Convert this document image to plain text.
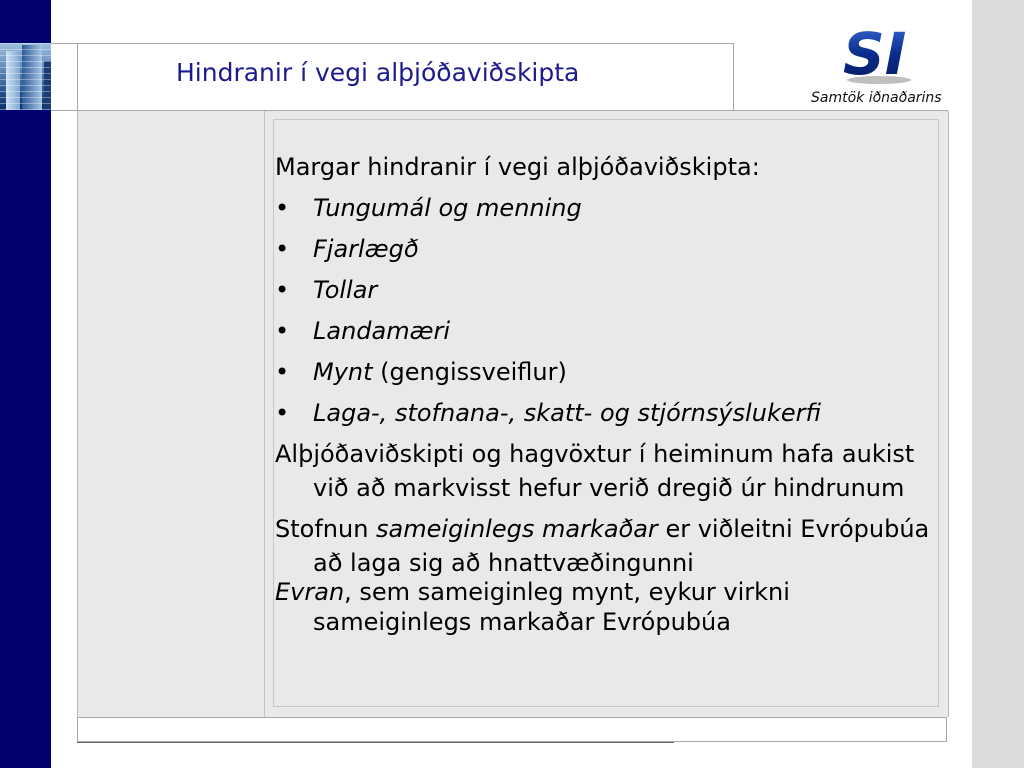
Hindranir í vegi alþjóðaviðskipta	SI
Samtök iðnaðarins

Margar hindranir í vegi alþjóðaviðskipta:

• Tungumál og menning

• Fjarlægð

• Tollar

• Landamæri

• Mynt (gengissveiflur)

• Laga-, stofnana-, skatt- og stjórnsýslukerfi

Alþjóðaviðskipti og hagvöxtur í heiminum hafa aukist við að markvisst hefur verið dregið úr hindrunum

Stofnun sameiginlegs markaðar er viðleitni Evrópubúa að laga sig að hnattvæðingunni

Evran, sem sameiginleg mynt, eykur virkni sameiginlegs markaðar Evrópubúa
